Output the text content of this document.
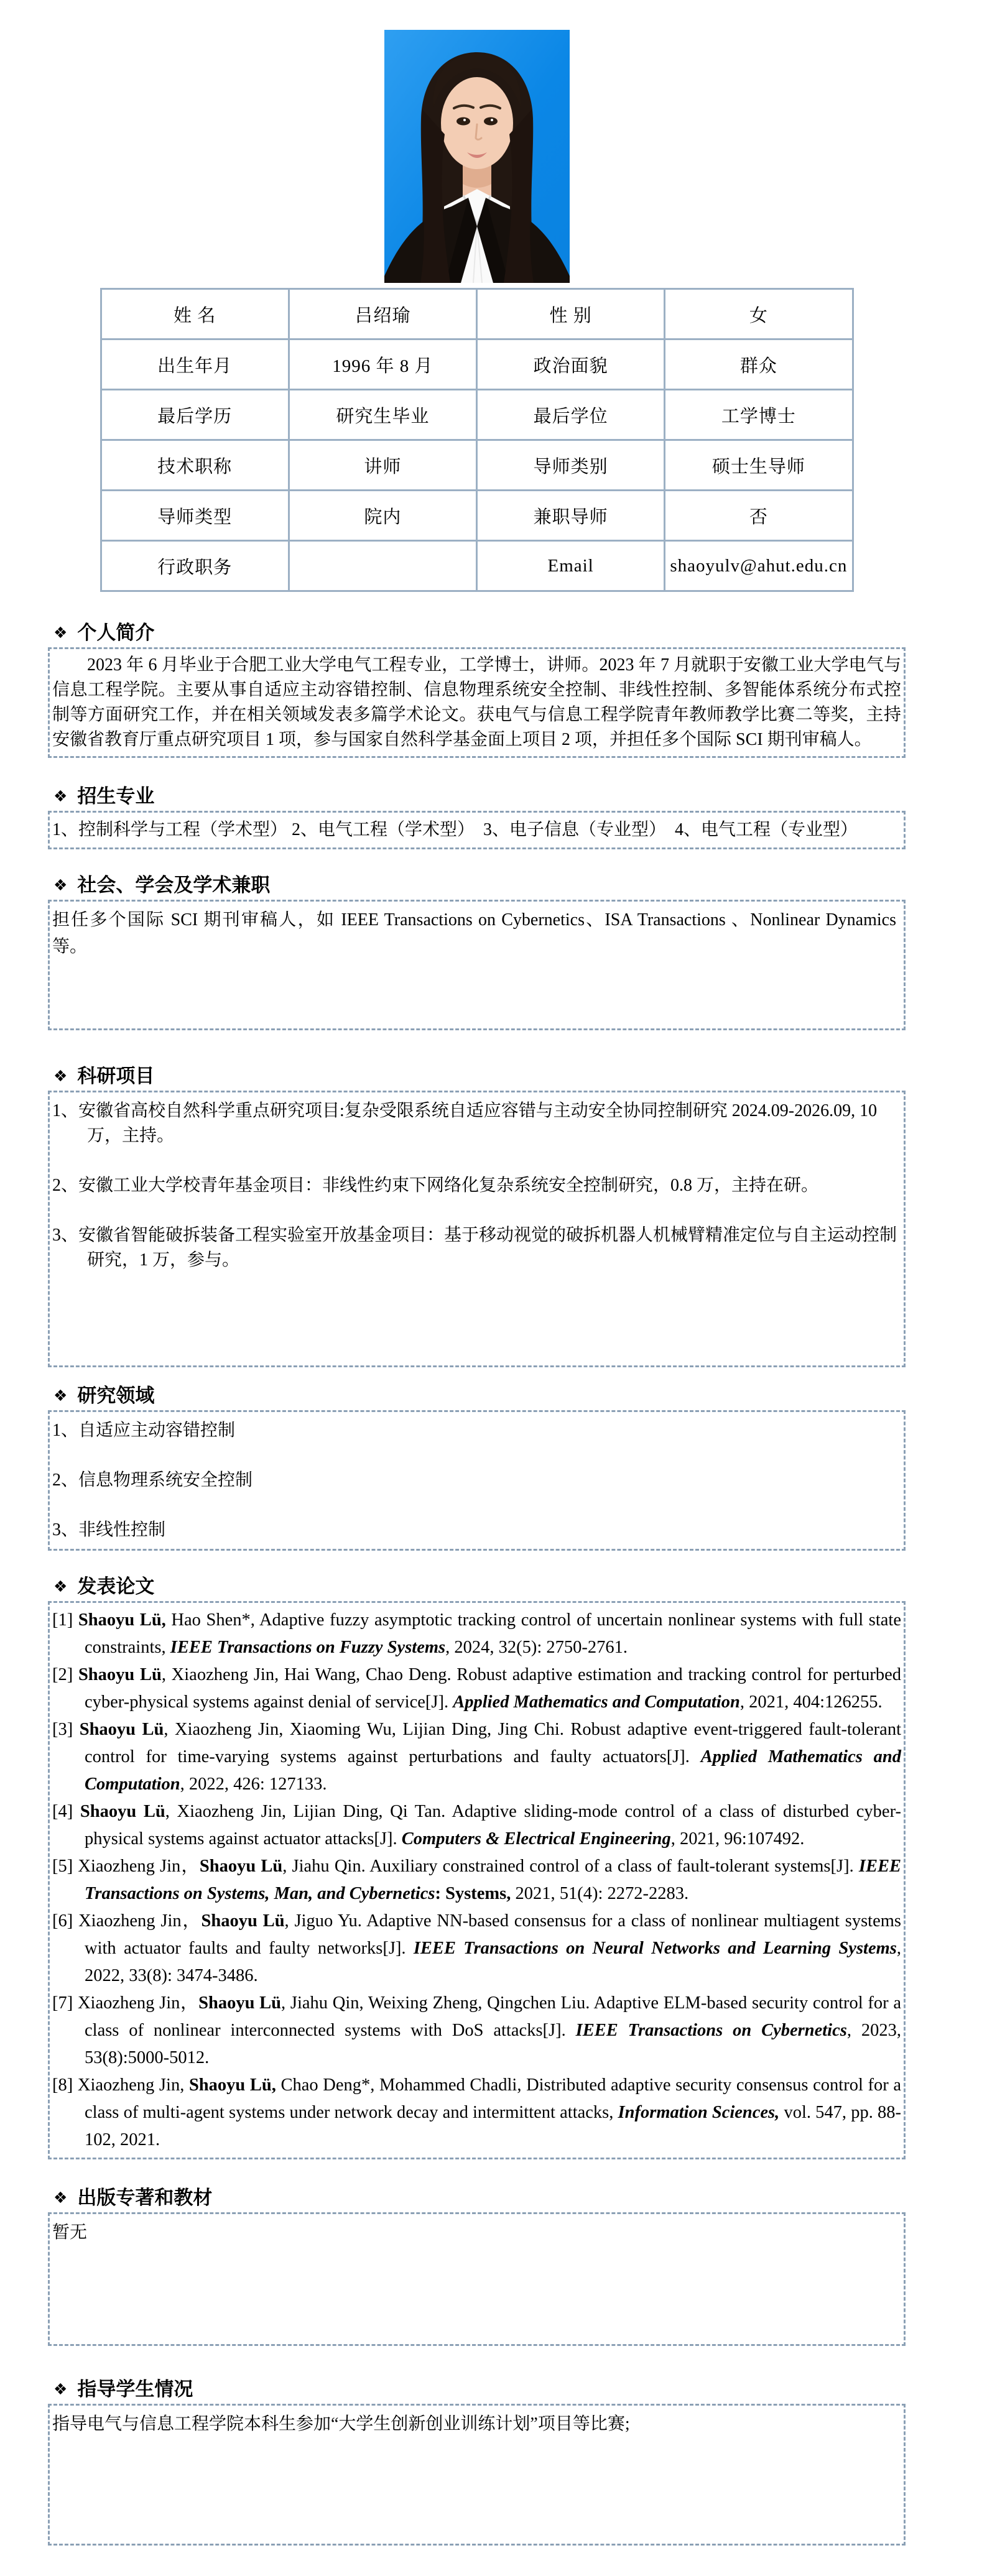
姓 名	吕绍瑜	性 别	女
出生年月	1996 年 8 月	政治面貌	群众
最后学历	研究生毕业	最后学位	工学博士
技术职称	讲师	导师类别	硕士生导师
导师类型	院内	兼职导师	否
行政职务		Email	shaoyulv@ahut.edu.cn
❖ 个人简介

2023 年 6 月毕业于合肥工业大学电气工程专业，工学博士，讲师。2023 年 7 月就职于安徽工业大学电气与信息工程学院。主要从事自适应主动容错控制、信息物理系统安全控制、非线性控制、多智能体系统分布式控制等方面研究工作，并在相关领域发表多篇学术论文。获电气与信息工程学院青年教师教学比赛二等奖，主持安徽省教育厅重点研究项目 1 项，参与国家自然科学基金面上项目 2 项，并担任多个国际 SCI 期刊审稿人。

❖ 招生专业

1、控制科学与工程（学术型） 2、电气工程（学术型）  3、电子信息（专业型）  4、电气工程（专业型）

❖ 社会、学会及学术兼职

担任多个国际 SCI 期刊审稿人，如 IEEE Transactions on Cybernetics、ISA Transactions 、Nonlinear Dynamics 等。

❖ 科研项目

1、安徽省高校自然科学重点研究项目:复杂受限系统自适应容错与主动安全协同控制研究 2024.09-2026.09, 10 万，主持。

2、安徽工业大学校青年基金项目：非线性约束下网络化复杂系统安全控制研究，0.8 万，主持在研。

3、安徽省智能破拆装备工程实验室开放基金项目：基于移动视觉的破拆机器人机械臂精准定位与自主运动控制研究，1 万，参与。

❖ 研究领域

1、自适应主动容错控制

2、信息物理系统安全控制

3、非线性控制

❖ 发表论文

[1] Shaoyu Lü, Hao Shen*, Adaptive fuzzy asymptotic tracking control of uncertain nonlinear systems with full state constraints, IEEE Transactions on Fuzzy Systems, 2024, 32(5): 2750-2761.

[2] Shaoyu Lü, Xiaozheng Jin, Hai Wang, Chao Deng. Robust adaptive estimation and tracking control for perturbed cyber-physical systems against denial of service[J]. Applied Mathematics and Computation, 2021, 404:126255.

[3] Shaoyu Lü, Xiaozheng Jin, Xiaoming Wu, Lijian Ding, Jing Chi. Robust adaptive event-triggered fault-tolerant control for time-varying systems against perturbations and faulty actuators[J]. Applied Mathematics and Computation, 2022, 426: 127133.

[4] Shaoyu Lü, Xiaozheng Jin, Lijian Ding, Qi Tan. Adaptive sliding-mode control of a class of disturbed cyber-physical systems against actuator attacks[J]. Computers & Electrical Engineering, 2021, 96:107492.

[5] Xiaozheng Jin，Shaoyu Lü, Jiahu Qin. Auxiliary constrained control of a class of fault-tolerant systems[J]. IEEE Transactions on Systems, Man, and Cybernetics: Systems, 2021, 51(4): 2272-2283.

[6] Xiaozheng Jin，Shaoyu Lü, Jiguo Yu. Adaptive NN-based consensus for a class of nonlinear multiagent systems with actuator faults and faulty networks[J]. IEEE Transactions on Neural Networks and Learning Systems, 2022, 33(8): 3474-3486.

[7] Xiaozheng Jin，Shaoyu Lü, Jiahu Qin, Weixing Zheng, Qingchen Liu. Adaptive ELM-based security control for a class of nonlinear interconnected systems with DoS attacks[J]. IEEE Transactions on Cybernetics, 2023, 53(8):5000-5012.

[8] Xiaozheng Jin, Shaoyu Lü, Chao Deng*, Mohammed Chadli, Distributed adaptive security consensus control for a class of multi-agent systems under network decay and intermittent attacks, Information Sciences, vol. 547, pp. 88-102, 2021.

❖ 出版专著和教材

暂无

❖ 指导学生情况

指导电气与信息工程学院本科生参加“大学生创新创业训练计划”项目等比赛;
